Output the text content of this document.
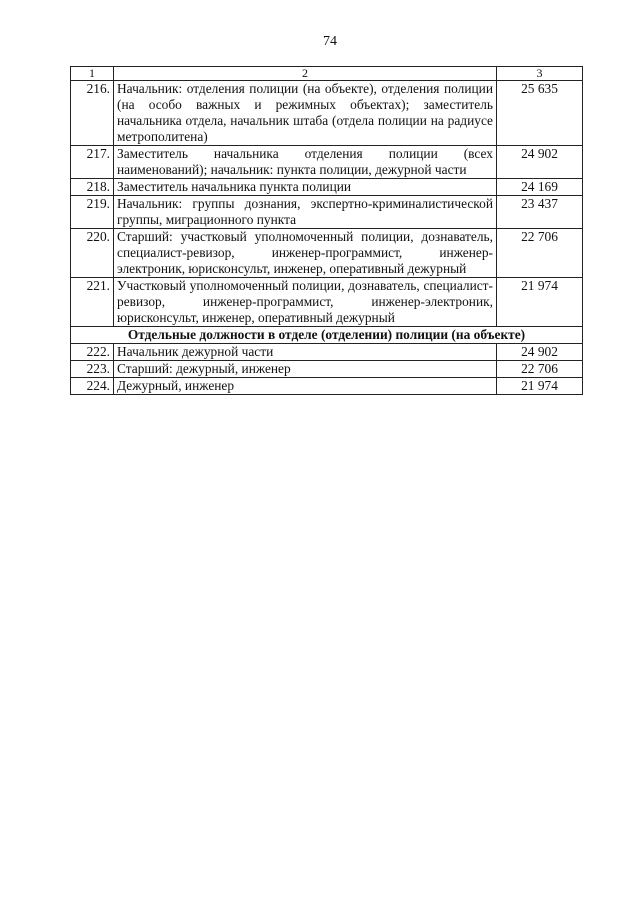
74
1	2	3
216.	Начальник: отделения полиции (на объекте), отделения полиции (на особо важных и режимных объектах); заместитель начальника отдела, начальник штаба (отдела полиции на радиусе метрополитена)	25 635
217.	Заместитель начальника отделения полиции (всех наименований); начальник: пункта полиции, дежурной части	24 902
218.	Заместитель начальника пункта полиции	24 169
219.	Начальник: группы дознания, экспертно-криминалистической группы, миграционного пункта	23 437
220.	Старший: участковый уполномоченный полиции, дознаватель, специалист-ревизор, инженер-программист, инженер-электроник, юрисконсульт, инженер, оперативный дежурный	22 706
221.	Участковый уполномоченный полиции, дознаватель, специалист-ревизор, инженер-программист, инженер-электроник, юрисконсульт, инженер, оперативный дежурный	21 974
Отдельные должности в отделе (отделении) полиции (на объекте)		
222.	Начальник дежурной части	24 902
223.	Старший: дежурный, инженер	22 706
224.	Дежурный, инженер	21 974
